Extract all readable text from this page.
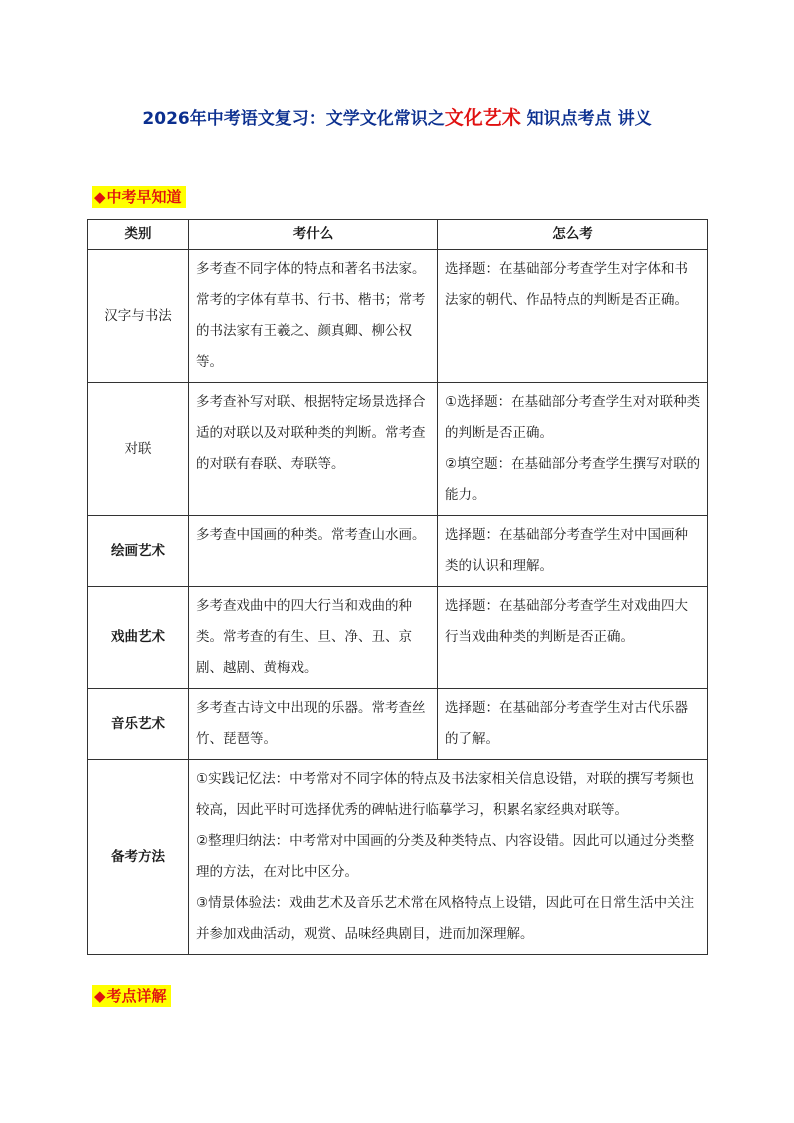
2026年中考语文复习：文学文化常识之文化艺术 知识点考点 讲义
◆中考早知道
类别	考什么	怎么考
汉字与书法	多考查不同字体的特点和著名书法家。常考的字体有草书、行书、楷书；常考的书法家有王羲之、颜真卿、柳公权等。	选择题：在基础部分考查学生对字体和书法家的朝代、作品特点的判断是否正确。

对联	多考查补写对联、根据特定场景选择合适的对联以及对联种类的判断。常考查的对联有春联、寿联等。	①选择题：在基础部分考查学生对对联种类的判断是否正确。
②填空题：在基础部分考查学生撰写对联的能力。

绘画艺术	多考查中国画的种类。常考查山水画。	选择题：在基础部分考查学生对中国画种类的认识和理解。

戏曲艺术	多考查戏曲中的四大行当和戏曲的种类。常考查的有生、旦、净、丑、京剧、越剧、黄梅戏。	选择题：在基础部分考查学生对戏曲四大行当戏曲种类的判断是否正确。

音乐艺术	多考查古诗文中出现的乐器。常考查丝竹、琵琶等。	选择题：在基础部分考查学生对古代乐器的了解。

备考方法	①实践记忆法：中考常对不同字体的特点及书法家相关信息设错，对联的撰写考频也较高，因此平时可选择优秀的碑帖进行临摹学习，积累名家经典对联等。
②整理归纳法：中考常对中国画的分类及种类特点、内容设错。因此可以通过分类整理的方法，在对比中区分。
③情景体验法：戏曲艺术及音乐艺术常在风格特点上设错，因此可在日常生活中关注并参加戏曲活动，观赏、品味经典剧目，进而加深理解。	
◆考点详解
